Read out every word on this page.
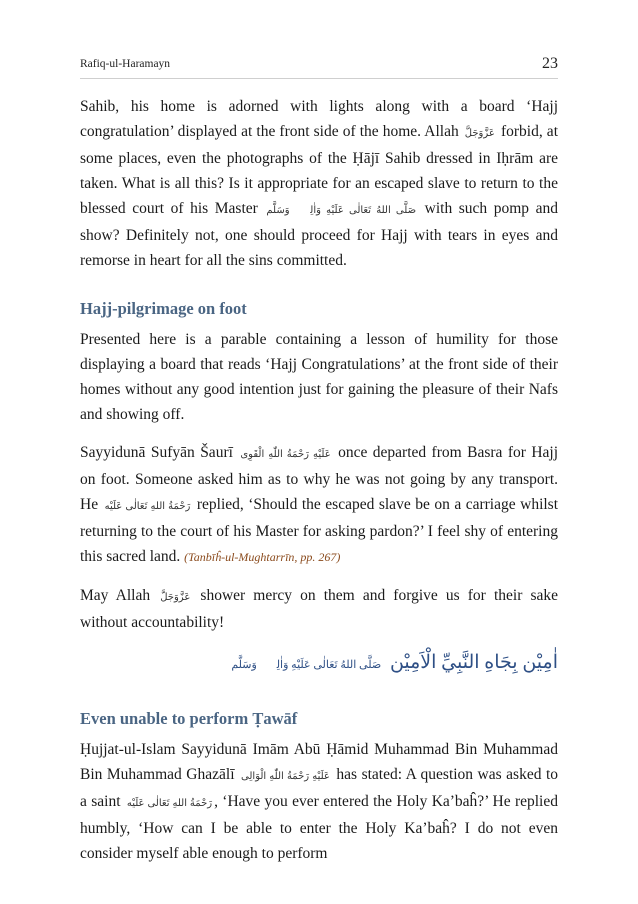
Rafiq-ul-Haramayn	23

Sahib, his home is adorned with lights along with a board ‘Hajj congratulation’ displayed at the front side of the home. Allah عَزَّوَجَلَّ forbid, at some places, even the photographs of the Ḥājī Sahib dressed in Iḥrām are taken. What is all this? Is it appropriate for an escaped slave to return to the blessed court of his Master صَلَّى اللهُ تَعَالٰى عَلَيْهِ وَاٰلِهٖ وَسَلَّم with such pomp and show? Definitely not, one should proceed for Hajj with tears in eyes and remorse in heart for all the sins committed.

Hajj-pilgrimage on foot

Presented here is a parable containing a lesson of humility for those displaying a board that reads ‘Hajj Congratulations’ at the front side of their homes without any good intention just for gaining the pleasure of their Nafs and showing off.

Sayyidunā Sufyān Šaurī عَلَيْهِ رَحْمَةُ اللّٰهِ الْقَوِی once departed from Basra for Hajj on foot. Someone asked him as to why he was not going by any transport. He رَحْمَةُ اللهِ تَعَالٰى عَلَيْه replied, ‘Should the escaped slave be on a carriage whilst returning to the court of his Master for asking pardon?’ I feel shy of entering this sacred land. (Tanbīĥ-ul-Mughtarrīn, pp. 267)

May Allah عَزَّوَجَلَّ shower mercy on them and forgive us for their sake without accountability!

اٰمِيْن بِجَاهِ النَّبِيِّ الْاَمِيْن صَلَّى اللهُ تَعَالٰى عَلَيْهِ وَاٰلِهٖ وَسَلَّم
Even unable to perform Ṭawāf

Ḥujjat-ul-Islam Sayyidunā Imām Abū Ḥāmid Muhammad Bin Muhammad Bin Muhammad Ghazālī عَلَيْهِ رَحْمَةُ اللّٰهِ الْوَالِی has stated: A question was asked to a saint رَحْمَةُ اللهِ تَعَالٰى عَلَيْه , ‘Have you ever entered the Holy Ka’baĥ?’ He replied humbly, ‘How can I be able to enter the Holy Ka’baĥ? I do not even consider myself able enough to perform
